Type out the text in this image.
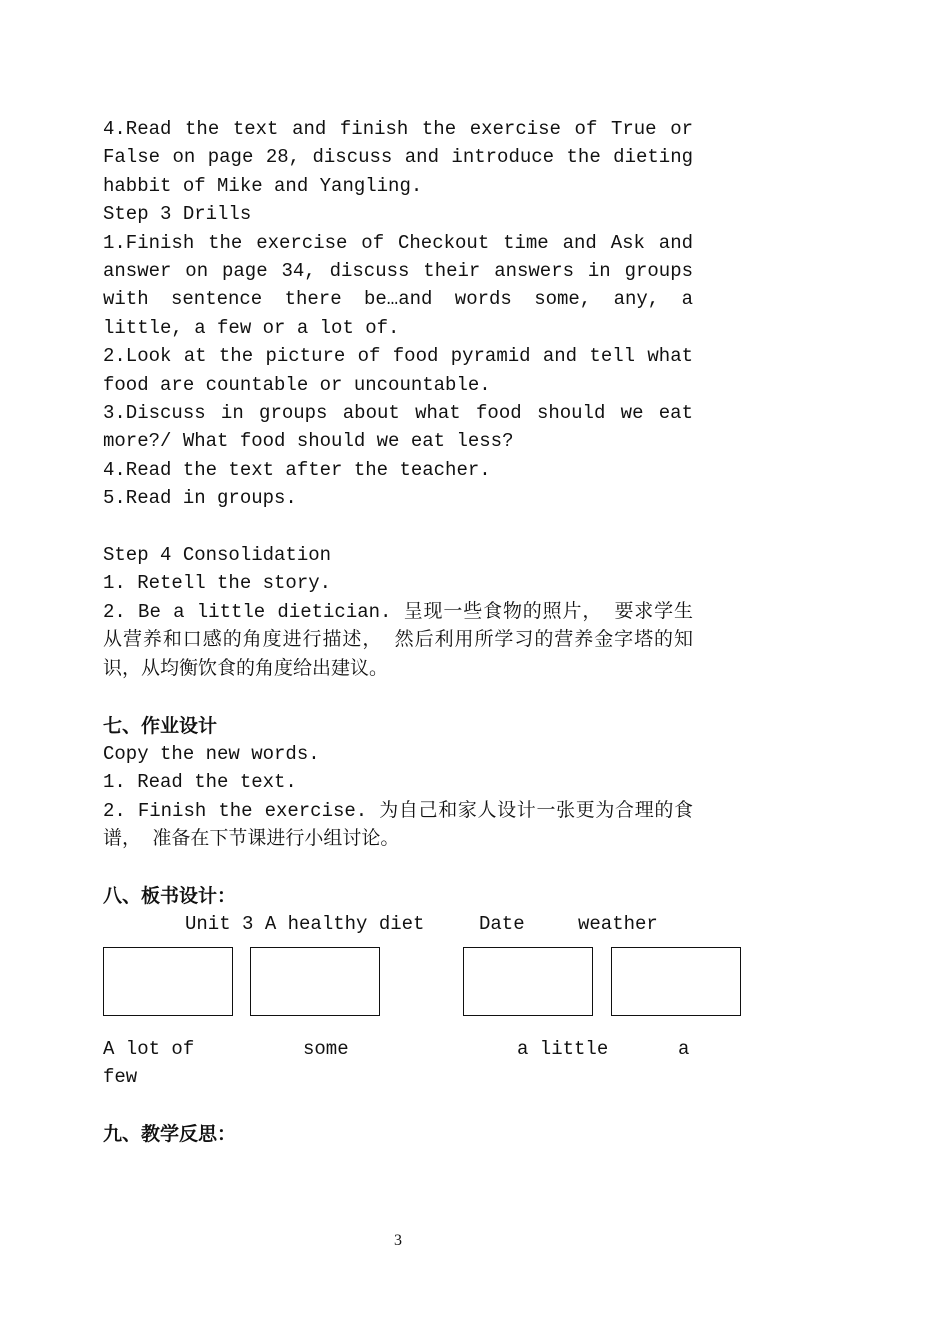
4.Read the text and finish the exercise of True or False on page 28, discuss and introduce the dieting habbit of Mike and Yangling.

Step 3 Drills

1.Finish the exercise of Checkout time and Ask and answer on page 34, discuss their answers in groups with sentence there be…and words some, any, a little, a few or a lot of.

2.Look at the picture of food pyramid and tell what food are countable or uncountable.

3.Discuss in groups about what food should we eat more?/ What food should we eat less?

4.Read the text after the teacher.

5.Read in groups.

Step 4 Consolidation

1. Retell the story.

2. Be a little dietician. 呈现一些食物的照片， 要求学生从营养和口感的角度进行描述， 然后利用所学习的营养金字塔的知识，从均衡饮食的角度给出建议。

七、作业设计

Copy the new words.

1. Read the text.

2. Finish the exercise. 为自己和家人设计一张更为合理的食谱， 准备在下节课进行小组讨论。

八、板书设计：

Unit 3 A healthy diet	Date	weather
A lot of	some	a little	a
few

九、教学反思：

3
